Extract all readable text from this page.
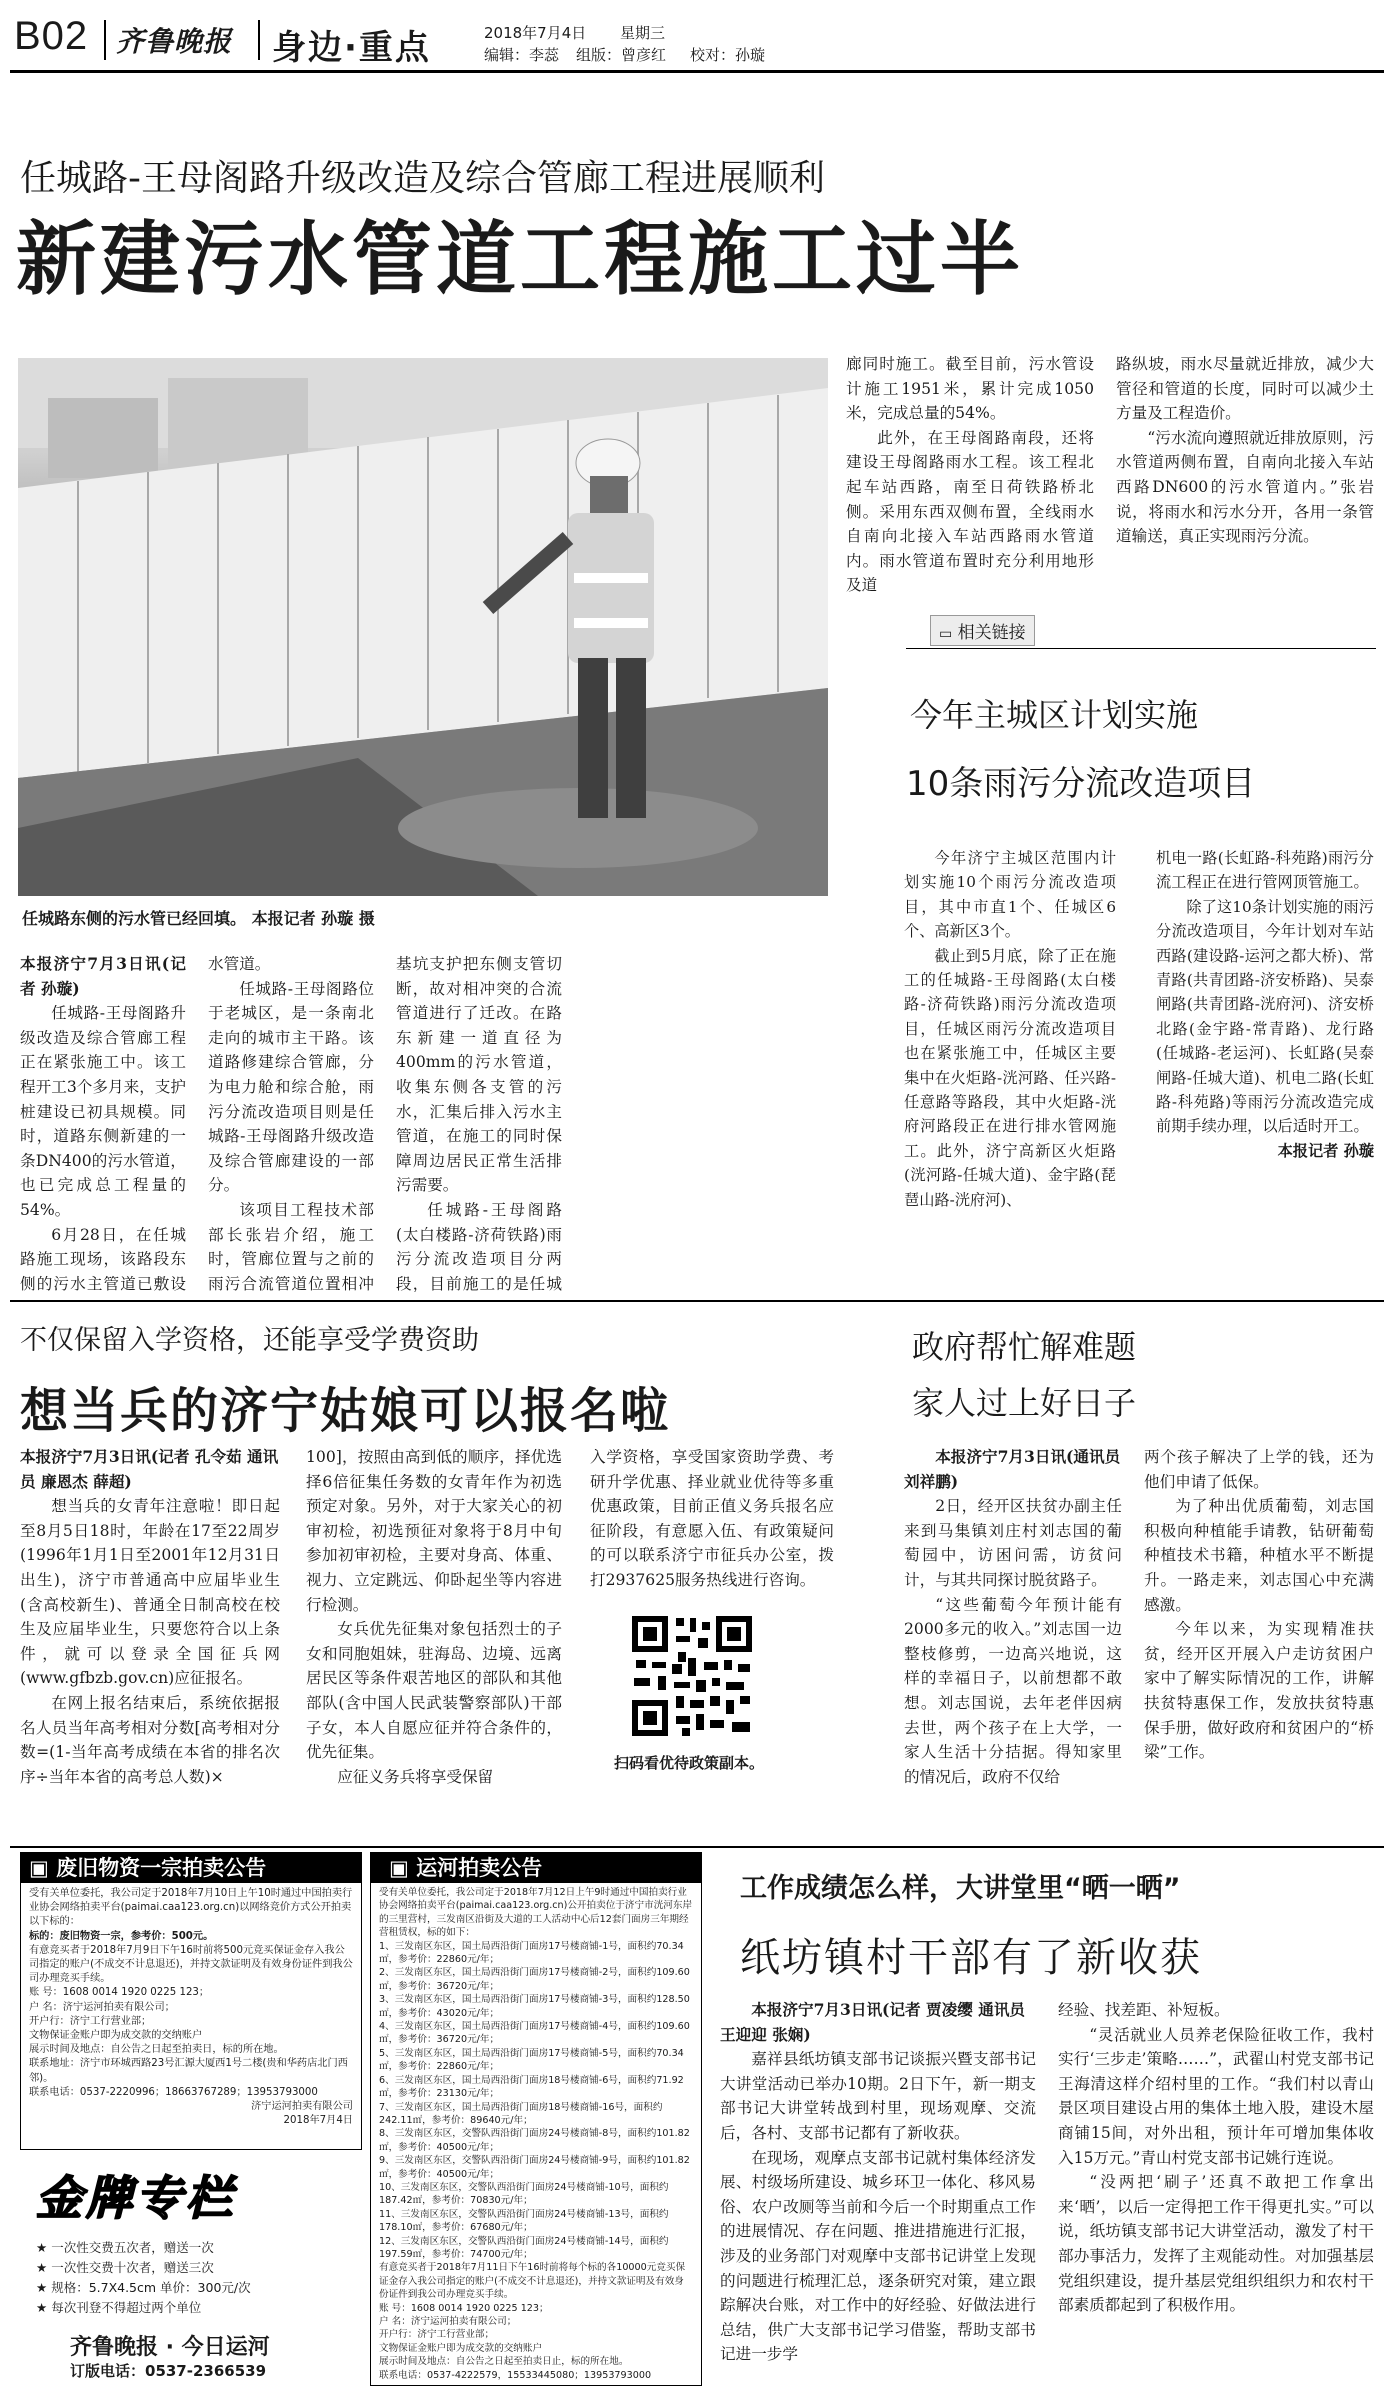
B02 齐鲁晚报 身边·重点	2018年7月4日 星期三
编辑：李蕊 组版：曾彦红 校对：孙璇
任城路-王母阁路升级改造及综合管廊工程进展顺利
新建污水管道工程施工过半
任城路东侧的污水管已经回填。 本报记者 孙璇 摄

本报济宁7月3日讯(记者 孙璇)

任城路-王母阁路升级改造及综合管廊工程正在紧张施工中。该工程开工3个多月来，支护桩建设已初具规模。同时，道路东侧新建的一条DN400的污水管道，也已完成总工程量的54%。

6月28日，在任城路施工现场，该路段东侧的污水主管道已敷设

水管道。

任城路-王母阁路位于老城区，是一条南北走向的城市主干路。该道路修建综合管廊，分为电力舱和综合舱，雨污分流改造项目则是任城路-王母阁路升级改造及综合管廊建设的一部分。

该项目工程技术部部长张岩介绍，施工时，管廊位置与之前的雨污合流管道位置相冲

基坑支护把东侧支管切断，故对相冲突的合流管道进行了迁改。在路东新建一道直径为400mm的污水管道，收集东侧各支管的污水，汇集后排入污水主管道，在施工的同时保障周边居民正常生活排污需要。

任城路-王母阁路(太白楼路-济荷铁路)雨污分流改造项目分两段，目前施工的是任城

廊同时施工。截至目前，污水管设计施工1951米，累计完成1050米，完成总量的54%。

此外，在王母阁路南段，还将建设王母阁路雨水工程。该工程北起车站西路，南至日荷铁路桥北侧。采用东西双侧布置，全线雨水自南向北接入车站西路雨水管道内。雨水管道布置时充分利用地形及道

路纵坡，雨水尽量就近排放，减少大管径和管道的长度，同时可以减少土方量及工程造价。

“污水流向遵照就近排放原则，污水管道两侧布置，自南向北接入车站西路DN600的污水管道内。”张岩说，将雨水和污水分开，各用一条管道输送，真正实现雨污分流。

▭ 相关链接
今年主城区计划实施
10条雨污分流改造项目

今年济宁主城区范围内计划实施10个雨污分流改造项目，其中市直1个、任城区6个、高新区3个。

截止到5月底，除了正在施工的任城路-王母阁路(太白楼路-济荷铁路)雨污分流改造项目，任城区雨污分流改造项目也在紧张施工中，任城区主要集中在火炬路-洸河路、任兴路-任意路等路段，其中火炬路-洸府河路段正在进行排水管网施工。此外，济宁高新区火炬路(洸河路-任城大道)、金宇路(琵琶山路-洸府河)、

机电一路(长虹路-科苑路)雨污分流工程正在进行管网顶管施工。

除了这10条计划实施的雨污分流改造项目，今年计划对车站西路(建设路-运河之都大桥)、常青路(共青团路-济安桥路)、吴泰闸路(共青团路-洸府河)、济安桥北路(金宇路-常青路)、龙行路(任城路-老运河)、长虹路(吴泰闸路-任城大道)、机电二路(长虹路-科苑路)等雨污分流改造完成前期手续办理，以后适时开工。

本报记者 孙璇

不仅保留入学资格，还能享受学费资助
想当兵的济宁姑娘可以报名啦

本报济宁7月3日讯(记者 孔令茹 通讯员 廉恩杰 薛超)

想当兵的女青年注意啦！即日起至8月5日18时，年龄在17至22周岁(1996年1月1日至2001年12月31日出生)，济宁市普通高中应届毕业生(含高校新生)、普通全日制高校在校生及应届毕业生，只要您符合以上条件，就可以登录全国征兵网(www.gfbzb.gov.cn)应征报名。

在网上报名结束后，系统依据报名人员当年高考相对分数[高考相对分数=(1-当年高考成绩在本省的排名次序÷当年本省的高考总人数)×

100]，按照由高到低的顺序，择优选择6倍征集任务数的女青年作为初选预定对象。另外，对于大家关心的初审初检，初选预征对象将于8月中旬参加初审初检，主要对身高、体重、视力、立定跳远、仰卧起坐等内容进行检测。

女兵优先征集对象包括烈士的子女和同胞姐妹，驻海岛、边境、远离居民区等条件艰苦地区的部队和其他部队(含中国人民武装警察部队)干部子女，本人自愿应征并符合条件的，优先征集。

应征义务兵将享受保留

入学资格，享受国家资助学费、考研升学优惠、择业就业优待等多重优惠政策，目前正值义务兵报名应征阶段，有意愿入伍、有政策疑问的可以联系济宁市征兵办公室，拨打2937625服务热线进行咨询。

扫码看优待政策副本。
政府帮忙解难题
家人过上好日子

本报济宁7月3日讯(通讯员 刘祥鹏)

2日，经开区扶贫办副主任来到马集镇刘庄村刘志国的葡萄园中，访困问需，访贫问计，与其共同探讨脱贫路子。

“这些葡萄今年预计能有2000多元的收入。”刘志国一边整枝修剪，一边高兴地说，这样的幸福日子，以前想都不敢想。刘志国说，去年老伴因病去世，两个孩子在上大学，一家人生活十分拮据。得知家里的情况后，政府不仅给

两个孩子解决了上学的钱，还为他们申请了低保。

为了种出优质葡萄，刘志国积极向种植能手请教，钻研葡萄种植技术书籍，种植水平不断提升。一路走来，刘志国心中充满感激。

今年以来，为实现精准扶贫，经开区开展入户走访贫困户家中了解实际情况的工作，讲解扶贫特惠保工作，发放扶贫特惠保手册，做好政府和贫困户的“桥梁”工作。

▣ 废旧物资一宗拍卖公告

受有关单位委托，我公司定于2018年7月10日上午10时通过中国拍卖行业协会网络拍卖平台(paimai.caa123.org.cn)以网络竞价方式公开拍卖以下标的：

标的：废旧物资一宗，参考价：500元。

有意竞买者于2018年7月9日下午16时前将500元竞买保证金存入我公司指定的账户(不成交不计息退还)，并持文款证明及有效身份证件到我公司办理竞买手续。

账 号：1608 0014 1920 0225 123；

户 名：济宁运河拍卖有限公司；

开户行：济宁工行营业部；

文物保证金账户即为成交款的交纳账户

展示时间及地点：自公告之日起至拍卖日，标的所在地。

联系地址：济宁市环城西路23号汇源大厦西1号二楼(贵和华药店北门西邻)。

联系电话：0537-2220996；18663767289；13953793000

济宁运河拍卖有限公司

2018年7月4日

金牌专栏

★ 一次性交费五次者，赠送一次

★ 一次性交费十次者，赠送三次

★ 规格：5.7X4.5cm 单价：300元/次

★ 每次刊登不得超过两个单位

齐鲁晚报 · 今日运河
订版电话：0537-2366539
▣ 运河拍卖公告

受有关单位委托，我公司定于2018年7月12日上午9时通过中国拍卖行业协会网络拍卖平台(paimai.caa123.org.cn)公开拍卖位于济宁市洸河东岸的三里营村，三发南区沿街及大道的工人活动中心后12套门面房三年期经营租赁权，标的如下：

1、三发南区东区，国土局西沿街门面房17号楼商铺-1号，面积约70.34㎡，参考价：22860元/年；

2、三发南区东区，国土局西沿街门面房17号楼商铺-2号，面积约109.60㎡，参考价：36720元/年；

3、三发南区东区，国土局西沿街门面房17号楼商铺-3号，面积约128.50㎡，参考价：43020元/年；

4、三发南区东区，国土局西沿街门面房17号楼商铺-4号，面积约109.60㎡，参考价：36720元/年；

5、三发南区东区，国土局西沿街门面房17号楼商铺-5号，面积约70.34㎡，参考价：22860元/年；

6、三发南区东区，国土局西沿街门面房18号楼商铺-6号，面积约71.92㎡，参考价：23130元/年；

7、三发南区东区，国土局西沿街门面房18号楼商铺-16号，面积约242.11㎡，参考价：89640元/年；

8、三发南区东区，交警队西沿街门面房24号楼商铺-8号，面积约101.82㎡，参考价：40500元/年；

9、三发南区东区，交警队西沿街门面房24号楼商铺-9号，面积约101.82㎡，参考价：40500元/年；

10、三发南区东区，交警队西沿街门面房24号楼商铺-10号，面积约187.42㎡，参考价：70830元/年；

11、三发南区东区，交警队西沿街门面房24号楼商铺-13号，面积约178.10㎡，参考价：67680元/年；

12、三发南区东区，交警队西沿街门面房24号楼商铺-14号，面积约197.59㎡，参考价：74700元/年；

有意竞买者于2018年7月11日下午16时前将每个标的各10000元竞买保证金存入我公司指定的账户(不成交不计息退还)，并持文款证明及有效身份证件到我公司办理竞买手续。

账 号：1608 0014 1920 0225 123；

户 名：济宁运河拍卖有限公司；

开户行：济宁工行营业部；

文物保证金账户即为成交款的交纳账户

展示时间及地点：自公告之日起至拍卖日止，标的所在地。

联系电话：0537-4222579，15533445080；13953793000

工作成绩怎么样，大讲堂里“晒一晒”
纸坊镇村干部有了新收获

本报济宁7月3日讯(记者 贾凌缨 通讯员 王迎迎 张娴)

嘉祥县纸坊镇支部书记谈振兴暨支部书记大讲堂活动已举办10期。2日下午，新一期支部书记大讲堂转战到村里，现场观摩、交流后，各村、支部书记都有了新收获。

在现场，观摩点支部书记就村集体经济发展、村级场所建设、城乡环卫一体化、移风易俗、农户改厕等当前和今后一个时期重点工作的进展情况、存在问题、推进措施进行汇报，涉及的业务部门对观摩中支部书记讲堂上发现的问题进行梳理汇总，逐条研究对策，建立跟踪解决台账，对工作中的好经验、好做法进行总结，供广大支部书记学习借鉴，帮助支部书记进一步学

经验、找差距、补短板。

“灵活就业人员养老保险征收工作，我村实行‘三步走’策略……”，武翟山村党支部书记王海清这样介绍村里的工作。“我们村以青山景区项目建设占用的集体土地入股，建设木屋商铺15间，对外出租，预计年可增加集体收入15万元。”青山村党支部书记姚行连说。

“没两把‘刷子’还真不敢把工作拿出来‘晒’，以后一定得把工作干得更扎实。”可以说，纸坊镇支部书记大讲堂活动，激发了村干部办事活力，发挥了主观能动性。对加强基层党组织建设，提升基层党组织组织力和农村干部素质都起到了积极作用。
